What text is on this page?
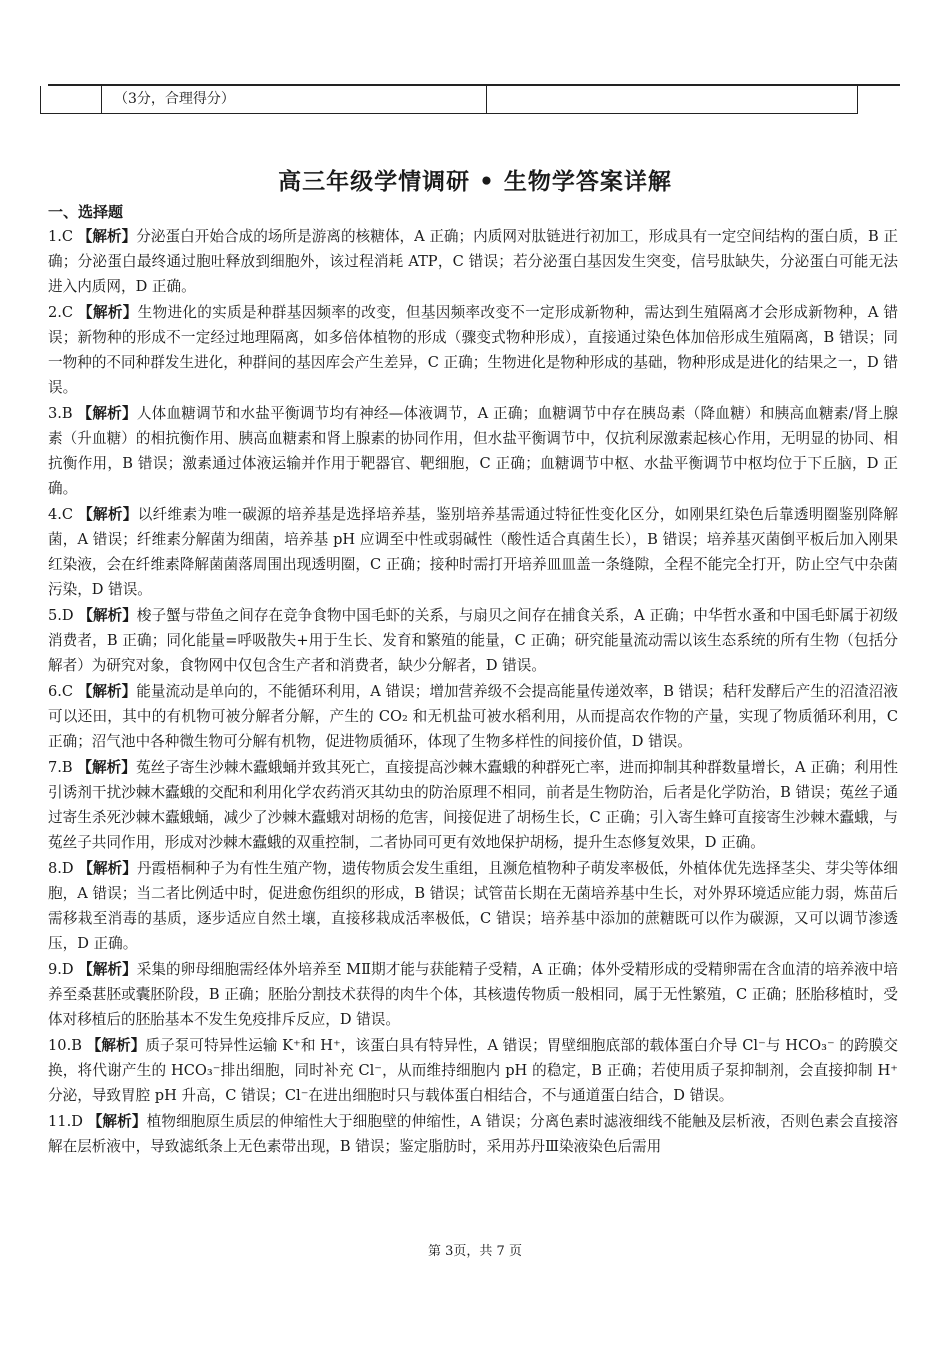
（3分，合理得分）
高三年级学情调研 • 生物学答案详解

一、选择题

1.C 【解析】分泌蛋白开始合成的场所是游离的核糖体，A 正确；内质网对肽链进行初加工，形成具有一定空间结构的蛋白质，B 正确；分泌蛋白最终通过胞吐释放到细胞外，该过程消耗 ATP，C 错误；若分泌蛋白基因发生突变，信号肽缺失，分泌蛋白可能无法进入内质网，D 正确。

2.C 【解析】生物进化的实质是种群基因频率的改变，但基因频率改变不一定形成新物种，需达到生殖隔离才会形成新物种，A 错误；新物种的形成不一定经过地理隔离，如多倍体植物的形成（骤变式物种形成），直接通过染色体加倍形成生殖隔离，B 错误；同一物种的不同种群发生进化，种群间的基因库会产生差异，C 正确；生物进化是物种形成的基础，物种形成是进化的结果之一，D 错误。

3.B 【解析】人体血糖调节和水盐平衡调节均有神经—体液调节，A 正确；血糖调节中存在胰岛素（降血糖）和胰高血糖素/肾上腺素（升血糖）的相抗衡作用、胰高血糖素和肾上腺素的协同作用，但水盐平衡调节中，仅抗利尿激素起核心作用，无明显的协同、相抗衡作用，B 错误；激素通过体液运输并作用于靶器官、靶细胞，C 正确；血糖调节中枢、水盐平衡调节中枢均位于下丘脑，D 正确。

4.C 【解析】以纤维素为唯一碳源的培养基是选择培养基，鉴别培养基需通过特征性变化区分，如刚果红染色后靠透明圈鉴别降解菌，A 错误；纤维素分解菌为细菌，培养基 pH 应调至中性或弱碱性（酸性适合真菌生长），B 错误；培养基灭菌倒平板后加入刚果红染液，会在纤维素降解菌菌落周围出现透明圈，C 正确；接种时需打开培养皿皿盖一条缝隙，全程不能完全打开，防止空气中杂菌污染，D 错误。

5.D 【解析】梭子蟹与带鱼之间存在竞争食物中国毛虾的关系，与扇贝之间存在捕食关系，A 正确；中华哲水蚤和中国毛虾属于初级消费者，B 正确；同化能量=呼吸散失+用于生长、发育和繁殖的能量，C 正确；研究能量流动需以该生态系统的所有生物（包括分解者）为研究对象，食物网中仅包含生产者和消费者，缺少分解者，D 错误。

6.C 【解析】能量流动是单向的，不能循环利用，A 错误；增加营养级不会提高能量传递效率，B 错误；秸秆发酵后产生的沼渣沼液可以还田，其中的有机物可被分解者分解，产生的 CO₂ 和无机盐可被水稻利用，从而提高农作物的产量，实现了物质循环利用，C 正确；沼气池中各种微生物可分解有机物，促进物质循环，体现了生物多样性的间接价值，D 错误。

7.B 【解析】菟丝子寄生沙棘木蠹蛾蛹并致其死亡，直接提高沙棘木蠹蛾的种群死亡率，进而抑制其种群数量增长，A 正确；利用性引诱剂干扰沙棘木蠹蛾的交配和利用化学农药消灭其幼虫的防治原理不相同，前者是生物防治，后者是化学防治，B 错误；菟丝子通过寄生杀死沙棘木蠹蛾蛹，减少了沙棘木蠹蛾对胡杨的危害，间接促进了胡杨生长，C 正确；引入寄生蜂可直接寄生沙棘木蠹蛾，与菟丝子共同作用，形成对沙棘木蠹蛾的双重控制，二者协同可更有效地保护胡杨，提升生态修复效果，D 正确。

8.D 【解析】丹霞梧桐种子为有性生殖产物，遗传物质会发生重组，且濒危植物种子萌发率极低，外植体优先选择茎尖、芽尖等体细胞，A 错误；当二者比例适中时，促进愈伤组织的形成，B 错误；试管苗长期在无菌培养基中生长，对外界环境适应能力弱，炼苗后需移栽至消毒的基质，逐步适应自然土壤，直接移栽成活率极低，C 错误；培养基中添加的蔗糖既可以作为碳源，又可以调节渗透压，D 正确。

9.D 【解析】采集的卵母细胞需经体外培养至 MⅡ期才能与获能精子受精，A 正确；体外受精形成的受精卵需在含血清的培养液中培养至桑葚胚或囊胚阶段，B 正确；胚胎分割技术获得的肉牛个体，其核遗传物质一般相同，属于无性繁殖，C 正确；胚胎移植时，受体对移植后的胚胎基本不发生免疫排斥反应，D 错误。

10.B 【解析】质子泵可特异性运输 K⁺和 H⁺，该蛋白具有特异性，A 错误；胃壁细胞底部的载体蛋白介导 Cl⁻与 HCO₃⁻ 的跨膜交换，将代谢产生的 HCO₃⁻排出细胞，同时补充 Cl⁻，从而维持细胞内 pH 的稳定，B 正确；若使用质子泵抑制剂，会直接抑制 H⁺分泌，导致胃腔 pH 升高，C 错误；Cl⁻在进出细胞时只与载体蛋白相结合，不与通道蛋白结合，D 错误。

11.D 【解析】植物细胞原生质层的伸缩性大于细胞壁的伸缩性，A 错误；分离色素时滤液细线不能触及层析液，否则色素会直接溶解在层析液中，导致滤纸条上无色素带出现，B 错误；鉴定脂肪时，采用苏丹Ⅲ染液染色后需用

第 3页，共 7 页
